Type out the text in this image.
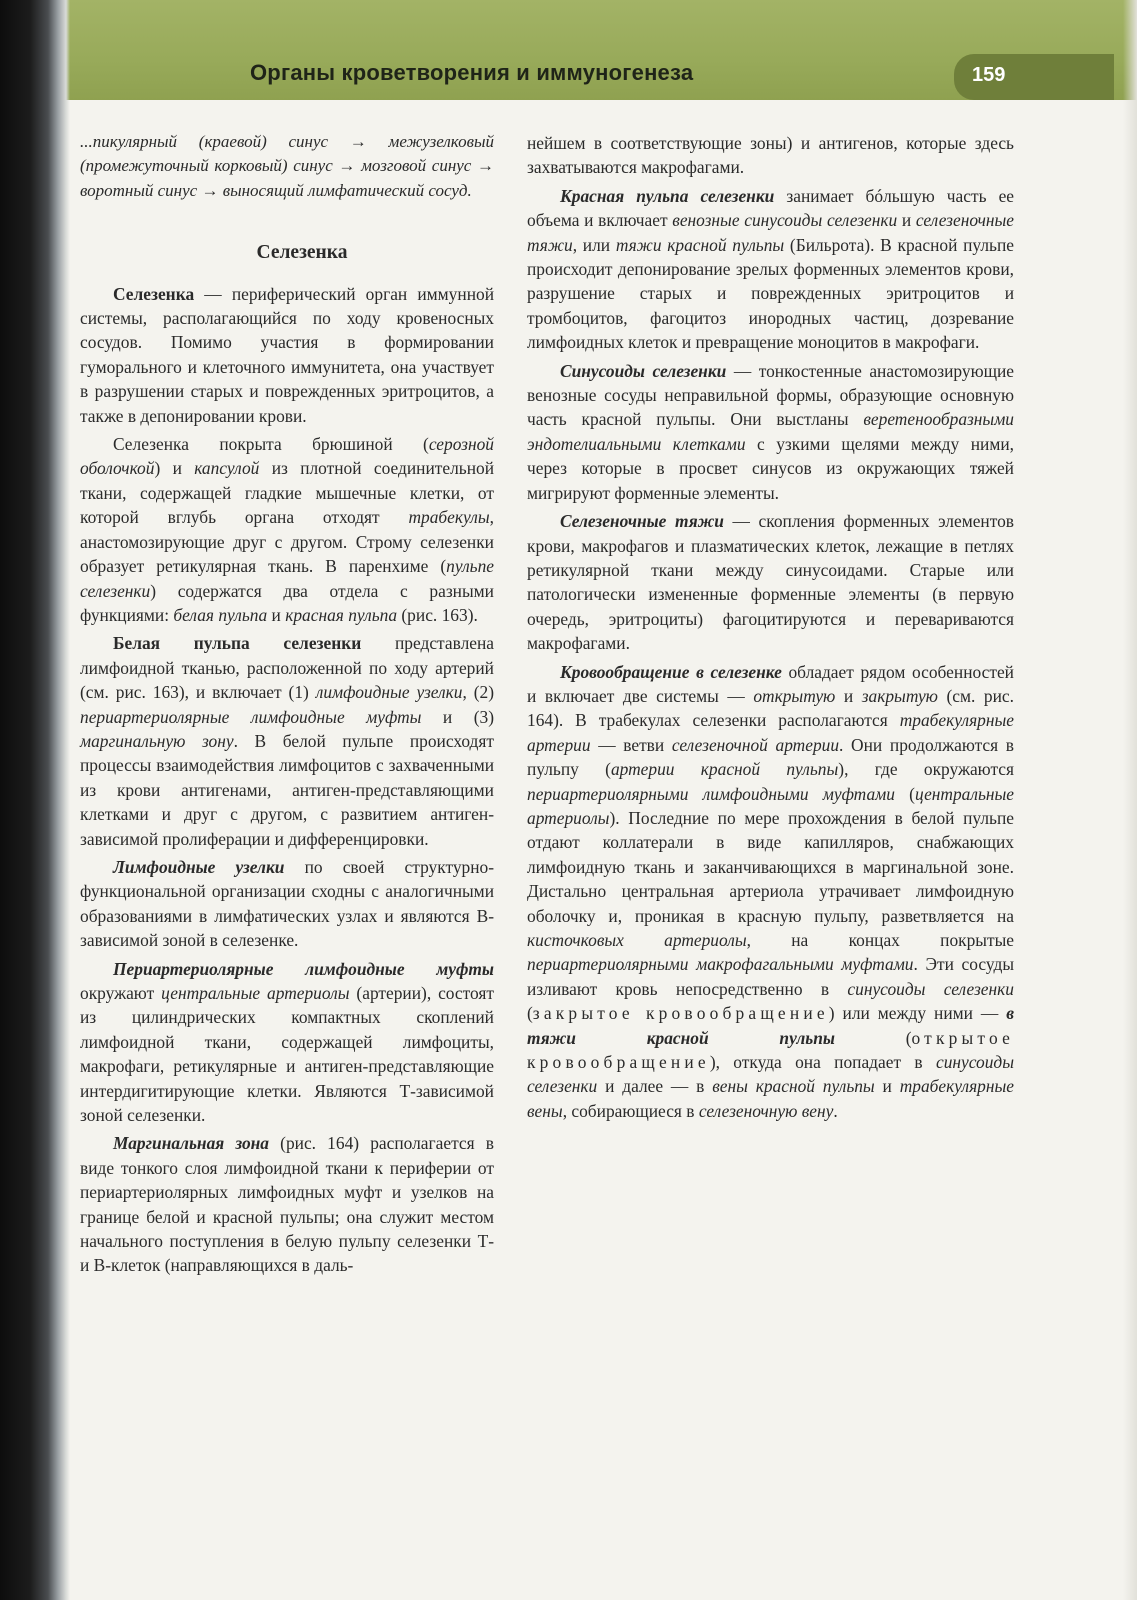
Органы кроветворения и иммуногенеза	159

...пикулярный (краевой) синус → межузелковый (промежуточный корковый) синус → мозговой синус → воротный синус → выносящий лимфатический сосуд.

Селезенка

Селезенка — периферический орган иммунной системы, располагающийся по ходу кровеносных сосудов. Помимо участия в формировании гуморального и клеточного иммунитета, она участвует в разрушении старых и поврежденных эритроцитов, а также в депонировании крови.

Селезенка покрыта брюшиной (серозной оболочкой) и капсулой из плотной соединительной ткани, содержащей гладкие мышечные клетки, от которой вглубь органа отходят трабекулы, анастомозирующие друг с другом. Строму селезенки образует ретикулярная ткань. В паренхиме (пульпе селезенки) содержатся два отдела с разными функциями: белая пульпа и красная пульпа (рис. 163).

Белая пульпа селезенки представлена лимфоидной тканью, расположенной по ходу артерий (см. рис. 163), и включает (1) лимфоидные узелки, (2) периартериолярные лимфоидные муфты и (3) маргинальную зону. В белой пульпе происходят процессы взаимодействия лимфоцитов с захваченными из крови антигенами, антиген-представляющими клетками и друг с другом, с развитием антиген-зависимой пролиферации и дифференцировки.

Лимфоидные узелки по своей структурно-функциональной организации сходны с аналогичными образованиями в лимфатических узлах и являются В-зависимой зоной в селезенке.

Периартериолярные лимфоидные муфты окружают центральные артериолы (артерии), состоят из цилиндрических компактных скоплений лимфоидной ткани, содержащей лимфоциты, макрофаги, ретикулярные и антиген-представляющие интердигитирующие клетки. Являются Т-зависимой зоной селезенки.

Маргинальная зона (рис. 164) располагается в виде тонкого слоя лимфоидной ткани к периферии от периартериолярных лимфоидных муфт и узелков на границе белой и красной пульпы; она служит местом начального поступления в белую пульпу селезенки Т- и В-клеток (направляющихся в даль-

нейшем в соответствующие зоны) и антигенов, которые здесь захватываются макрофагами.

Красная пульпа селезенки занимает бóльшую часть ее объема и включает венозные синусоиды селезенки и селезеночные тяжи, или тяжи красной пульпы (Бильрота). В красной пульпе происходит депонирование зрелых форменных элементов крови, разрушение старых и поврежденных эритроцитов и тромбоцитов, фагоцитоз инородных частиц, дозревание лимфоидных клеток и превращение моноцитов в макрофаги.

Синусоиды селезенки — тонкостенные анастомозирующие венозные сосуды неправильной формы, образующие основную часть красной пульпы. Они выстланы веретенообразными эндотелиальными клетками с узкими щелями между ними, через которые в просвет синусов из окружающих тяжей мигрируют форменные элементы.

Селезеночные тяжи — скопления форменных элементов крови, макрофагов и плазматических клеток, лежащие в петлях ретикулярной ткани между синусоидами. Старые или патологически измененные форменные элементы (в первую очередь, эритроциты) фагоцитируются и перевариваются макрофагами.

Кровообращение в селезенке обладает рядом особенностей и включает две системы — открытую и закрытую (см. рис. 164). В трабекулах селезенки располагаются трабекулярные артерии — ветви селезеночной артерии. Они продолжаются в пульпу (артерии красной пульпы), где окружаются периартериолярными лимфоидными муфтами (центральные артериолы). Последние по мере прохождения в белой пульпе отдают коллатерали в виде капилляров, снабжающих лимфоидную ткань и заканчивающихся в маргинальной зоне. Дистально центральная артериола утрачивает лимфоидную оболочку и, проникая в красную пульпу, разветвляется на кисточковых артериолы, на концах покрытые периартериолярными макрофагальными муфтами. Эти сосуды изливают кровь непосредственно в синусоиды селезенки (закрытое кровообращение) или между ними — в тяжи красной пульпы (открытое кровообращение), откуда она попадает в синусоиды селезенки и далее — в вены красной пульпы и трабекулярные вены, собирающиеся в селезеночную вену.
